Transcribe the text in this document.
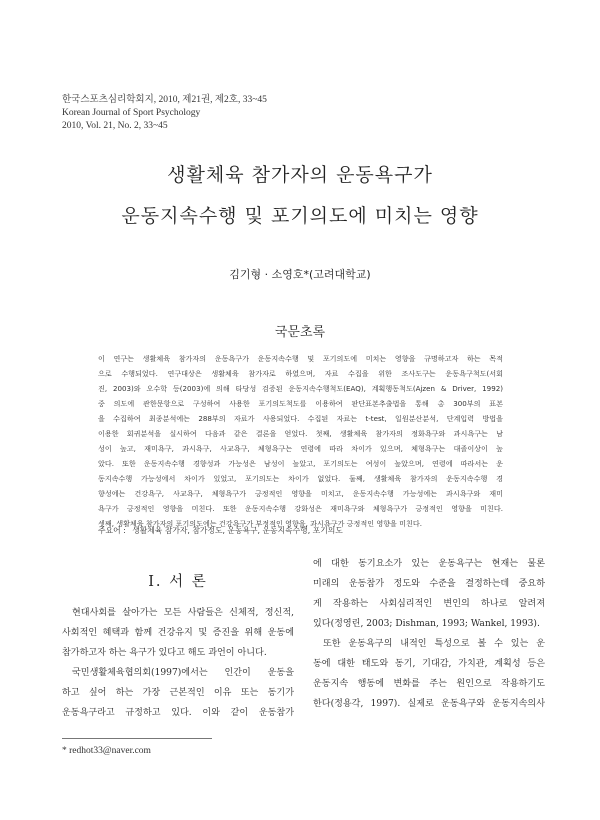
한국스포츠심리학회지, 2010, 제21권, 제2호, 33~45
Korean Journal of Sport Psychology
2010, Vol. 21, No. 2, 33~45
생활체육 참가자의 운동욕구가
운동지속수행 및 포기의도에 미치는 영향
김기형 · 소영호*(고려대학교)
국문초록
이 연구는 생활체육 참가자의 운동욕구가 운동지속수행 및 포기의도에 미치는 영향을 규명하고자 하는 목적
으로 수행되었다. 연구대상은 생활체육 참가자로 하였으며, 자료 수집을 위한 조사도구는 운동욕구척도(서회
진, 2003)와 오수학 등(2003)에 의해 타당성 검증된 운동지속수행척도(EAQ), 계획행동척도(Ajzen & Driver, 1992)
중 의도에 관한문항으로 구성하여 사용한 포기의도척도를 이용하여 판단표본추출법을 통해 총 300부의 표본
을 수집하여 최종분석에는 288부의 자료가 사용되었다. 수집된 자료는 t-test, 일원분산분석, 단계입력 방법을
이용한 회귀분석을 실시하여 다음과 같은 결론을 얻었다. 첫째, 생활체육 참가자의 정화욕구와 과시욕구는 남
성이 높고, 재미욕구, 과시욕구, 사교욕구, 체형욕구는 연령에 따라 차이가 있으며, 체형욕구는 대졸이상이 높
았다. 또한 운동지속수행 경향성과 가능성은 남성이 높았고, 포기의도는 여성이 높았으며, 연령에 따라서는 운
동지속수행 가능성에서 차이가 있었고, 포기의도는 차이가 없었다. 둘째, 생활체육 참가자의 운동지속수행 경
향성에는 건강욕구, 사교욕구, 체형욕구가 긍정적인 영향을 미치고, 운동지속수행 가능성에는 과시욕구와 재미
욕구가 긍정적인 영향을 미친다. 또한 운동지속수행 강화성은 재미욕구와 체형욕구가 긍정적인 영향을 미친다.
셋째, 생활체육 참가자의 포기의도에는 건강욕구가 부정적인 영향을, 과시욕구가 긍정적인 영향을 미친다.
주요어 : 생활체육 참가자, 참가정도, 운동욕구, 운동지속수행, 포기의도
Ⅰ. 서 론
현대사회를 살아가는 모든 사람들은 신체적, 정신적,
사회적인 혜택과 함께 건강유지 및 증진을 위해 운동에
참가하고자 하는 욕구가 있다고 해도 과언이 아니다.
국민생활체육협의회(1997)에서는 인간이 운동을
하고 싶어 하는 가장 근본적인 이유 또는 동기가
운동욕구라고 규정하고 있다. 이와 같이 운동참가
에 대한 동기요소가 있는 운동욕구는 현재는 물론
미래의 운동참가 정도와 수준을 결정하는데 중요하
게 작용하는 사회심리적인 변인의 하나로 알려져
있다(정영린, 2003; Dishman, 1993; Wankel, 1993).
또한 운동욕구의 내적인 특성으로 볼 수 있는 운
동에 대한 태도와 동기, 기대감, 가치관, 계획성 등은
운동지속 행동에 변화를 주는 원인으로 작용하기도
한다(정용각, 1997). 실제로 운동욕구와 운동지속의사
* redhot33@naver.com
